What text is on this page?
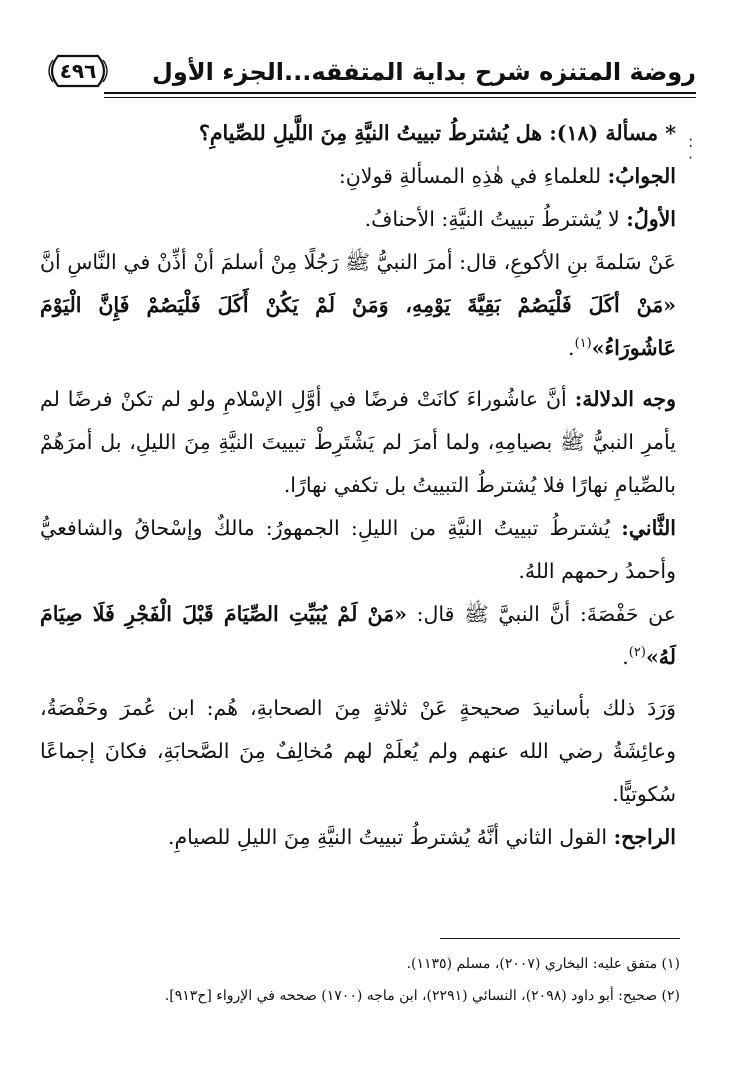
٤٩٦	روضة المتنزه شرح بداية المتفقه...الجزء الأول
:
·

* مسألة (١٨): هل يُشترطُ تبييتُ النيَّةِ مِنَ اللَّيلِ للصِّيامِ؟

الجوابُ: للعلماءِ في هٰذِهِ المسألةِ قولانِ:

الأولُ: لا يُشترطُ تبييتُ النيَّةِ: الأحنافُ.

عَنْ سَلمةَ بنِ الأكوعِ، قال: أمرَ النبيُّ ﷺ رَجُلًا مِنْ أسلمَ أنْ أذِّنْ في النَّاسِ أنَّ «مَنْ أكَلَ فَلْيَصُمْ بَقِيَّةَ يَوْمِهِ، وَمَنْ لَمْ يَكُنْ أَكَلَ فَلْيَصُمْ فَإِنَّ الْيَوْمَ عَاشُورَاءُ»$^{(١)}$.

وجه الدلالة: أنَّ عاشُوراءَ كانَتْ فرضًا في أوَّلِ الإسْلامِ ولو لم تكنْ فرضًا لم يأمرِ النبيُّ ﷺ بصيامِهِ، ولما أمرَ لم يَشْتَرِطْ تبييتَ النيَّةِ مِنَ الليلِ، بل أمرَهُمْ بالصِّيامِ نهارًا فلا يُشترطُ التبييتُ بل تكفي نهارًا.

الثَّاني: يُشترطُ تبييتُ النيَّةِ من الليلِ: الجمهورُ: مالكٌ وإسْحاقُ والشافعيُّ وأحمدُ رحمهم اللهُ.

عن حَفْصَةَ: أنَّ النبيَّ ﷺ قال: «مَنْ لَمْ يُبَيِّتِ الصِّيَامَ قَبْلَ الْفَجْرِ فَلَا صِيَامَ لَهُ»$^{(٢)}$.

وَرَدَ ذلك بأسانيدَ صحيحةٍ عَنْ ثلاثةٍ مِنَ الصحابةِ، هُم: ابن عُمرَ وحَفْصَةُ، وعائِشَةُ رضي الله عنهم ولم يُعلَمْ لهم مُخالِفٌ مِنَ الصَّحابَةِ، فكانَ إجماعًا سُكوتيًّا.

الراجح: القول الثاني أنَّهُ يُشترطُ تبييتُ النيَّةِ مِنَ الليلِ للصيامِ.

(١) متفق عليه: البخاري (٢٠٠٧)، مسلم (١١٣٥).

(٢) صحيح: أبو داود (٢٠٩٨)، النسائي (٢٢٩١)، ابن ماجه (١٧٠٠) صححه في الإرواء [ح٩١٣].
